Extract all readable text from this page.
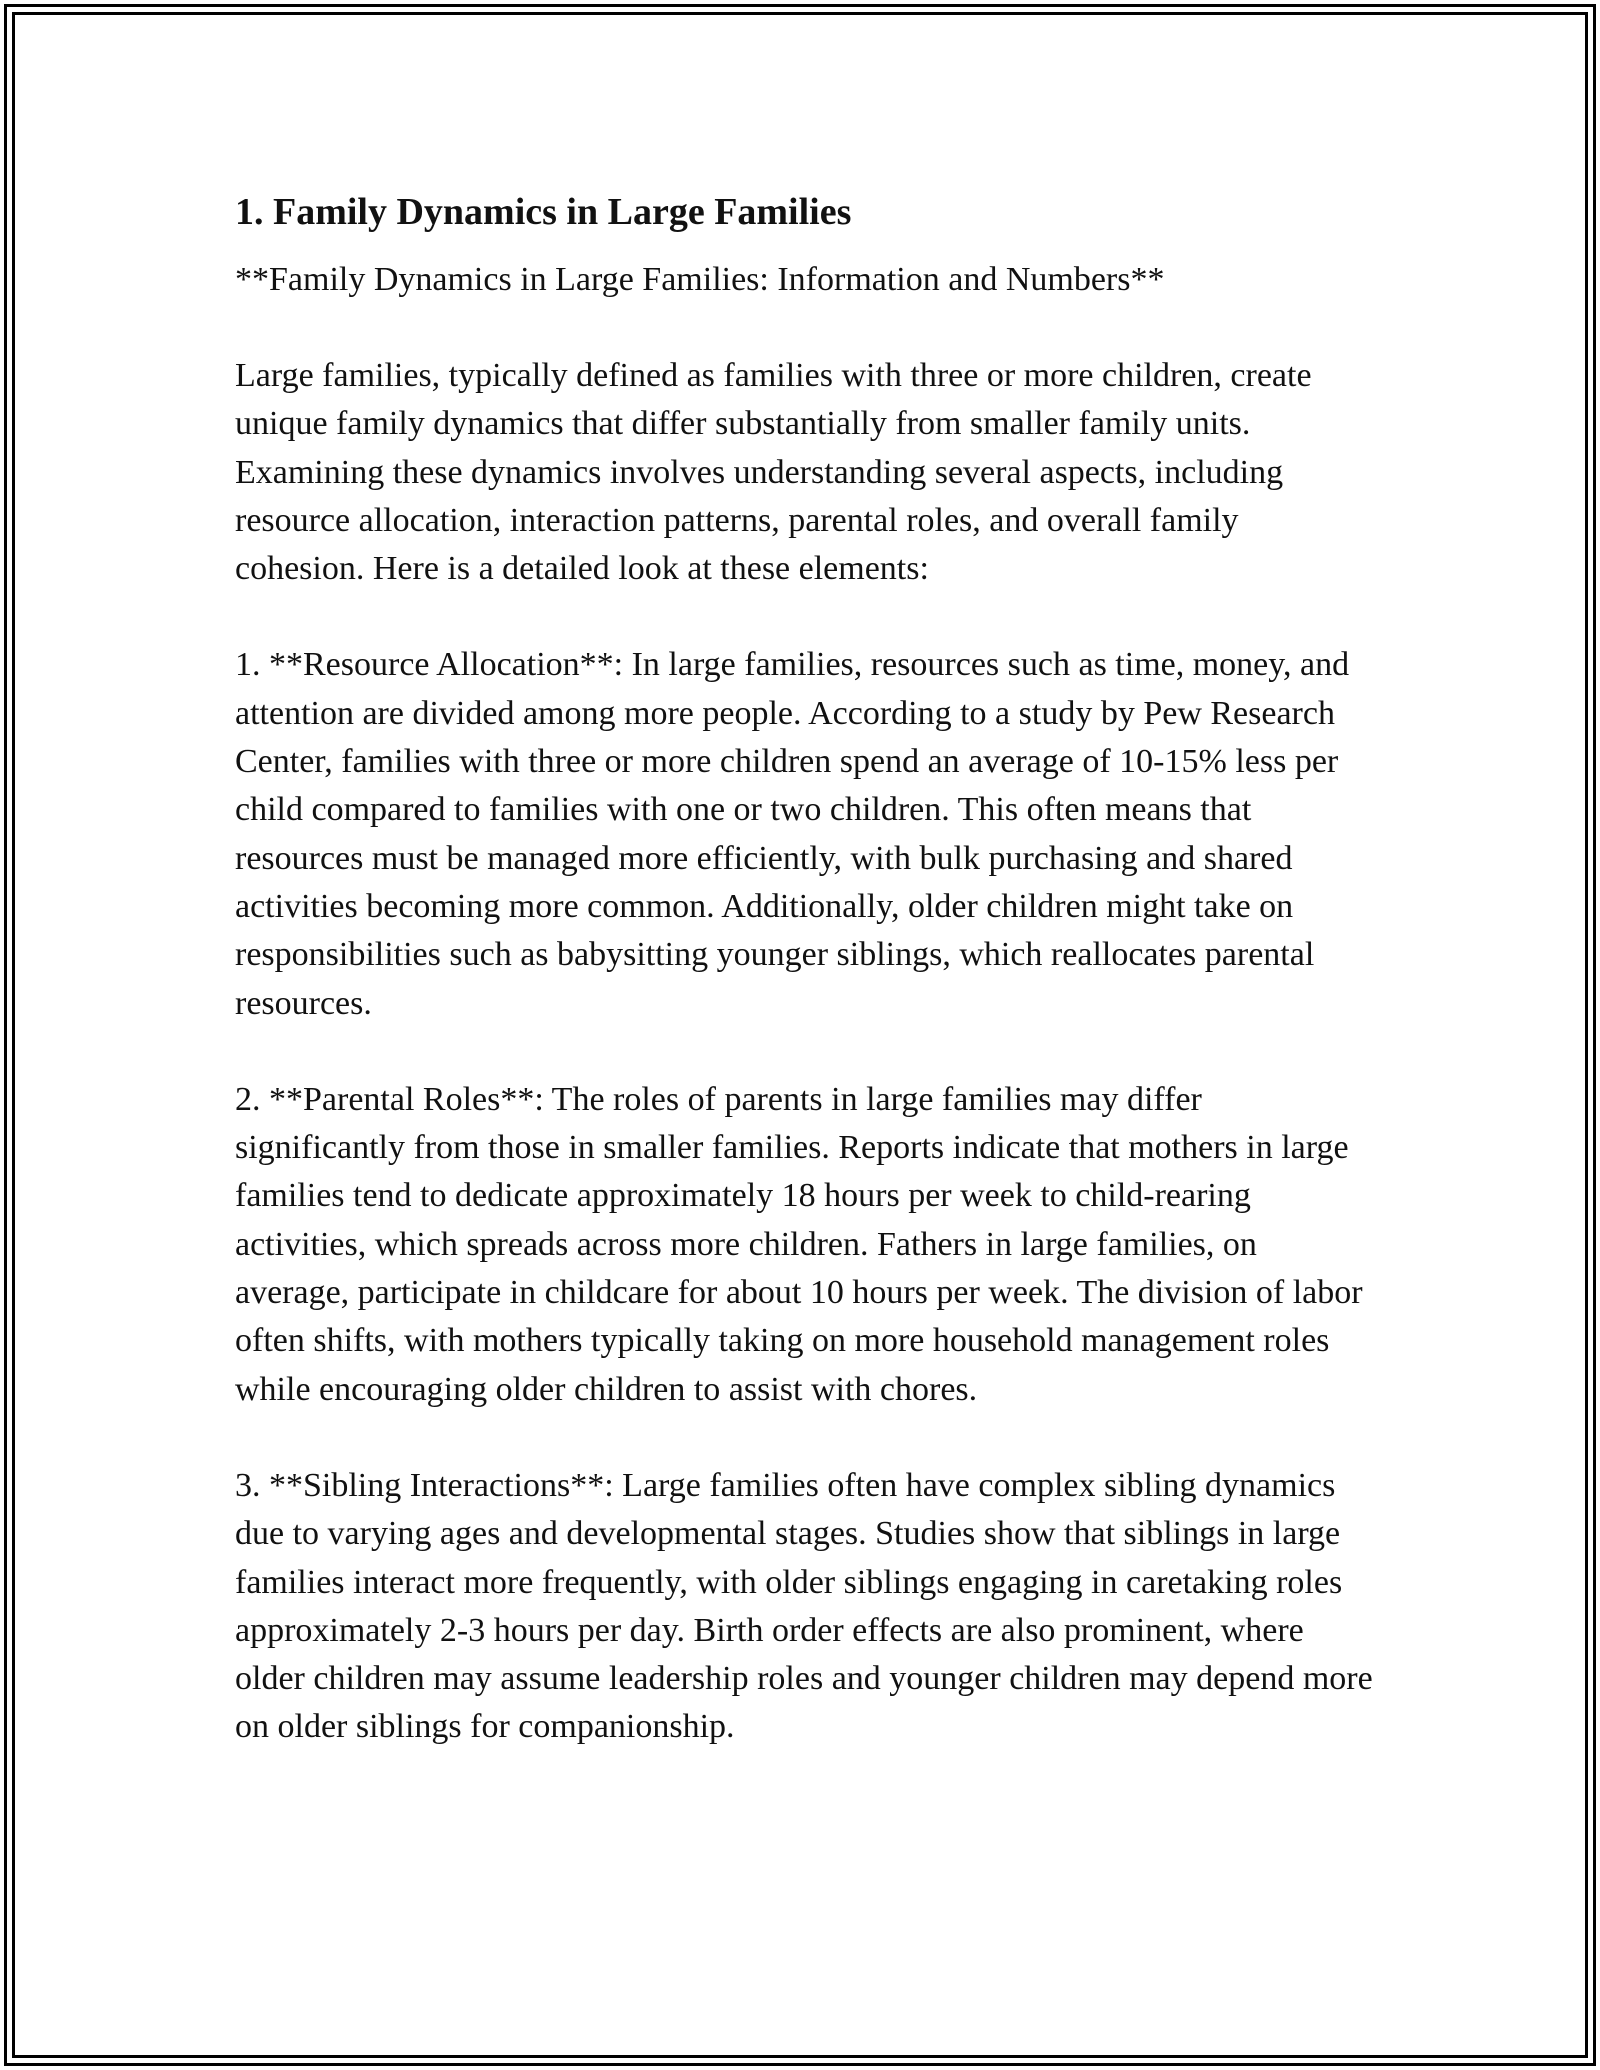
1. Family Dynamics in Large Families

**Family Dynamics in Large Families: Information and Numbers**

Large families, typically defined as families with three or more children, create unique family dynamics that differ substantially from smaller family units. Examining these dynamics involves understanding several aspects, including resource allocation, interaction patterns, parental roles, and overall family cohesion. Here is a detailed look at these elements:

1. **Resource Allocation**: In large families, resources such as time, money, and attention are divided among more people. According to a study by Pew Research Center, families with three or more children spend an average of 10-15% less per child compared to families with one or two children. This often means that resources must be managed more efficiently, with bulk purchasing and shared activities becoming more common. Additionally, older children might take on responsibilities such as babysitting younger siblings, which reallocates parental resources.

2. **Parental Roles**: The roles of parents in large families may differ significantly from those in smaller families. Reports indicate that mothers in large families tend to dedicate approximately 18 hours per week to child-rearing activities, which spreads across more children. Fathers in large families, on average, participate in childcare for about 10 hours per week. The division of labor often shifts, with mothers typically taking on more household management roles while encouraging older children to assist with chores.

3. **Sibling Interactions**: Large families often have complex sibling dynamics due to varying ages and developmental stages. Studies show that siblings in large families interact more frequently, with older siblings engaging in caretaking roles approximately 2-3 hours per day. Birth order effects are also prominent, where older children may assume leadership roles and younger children may depend more on older siblings for companionship.
